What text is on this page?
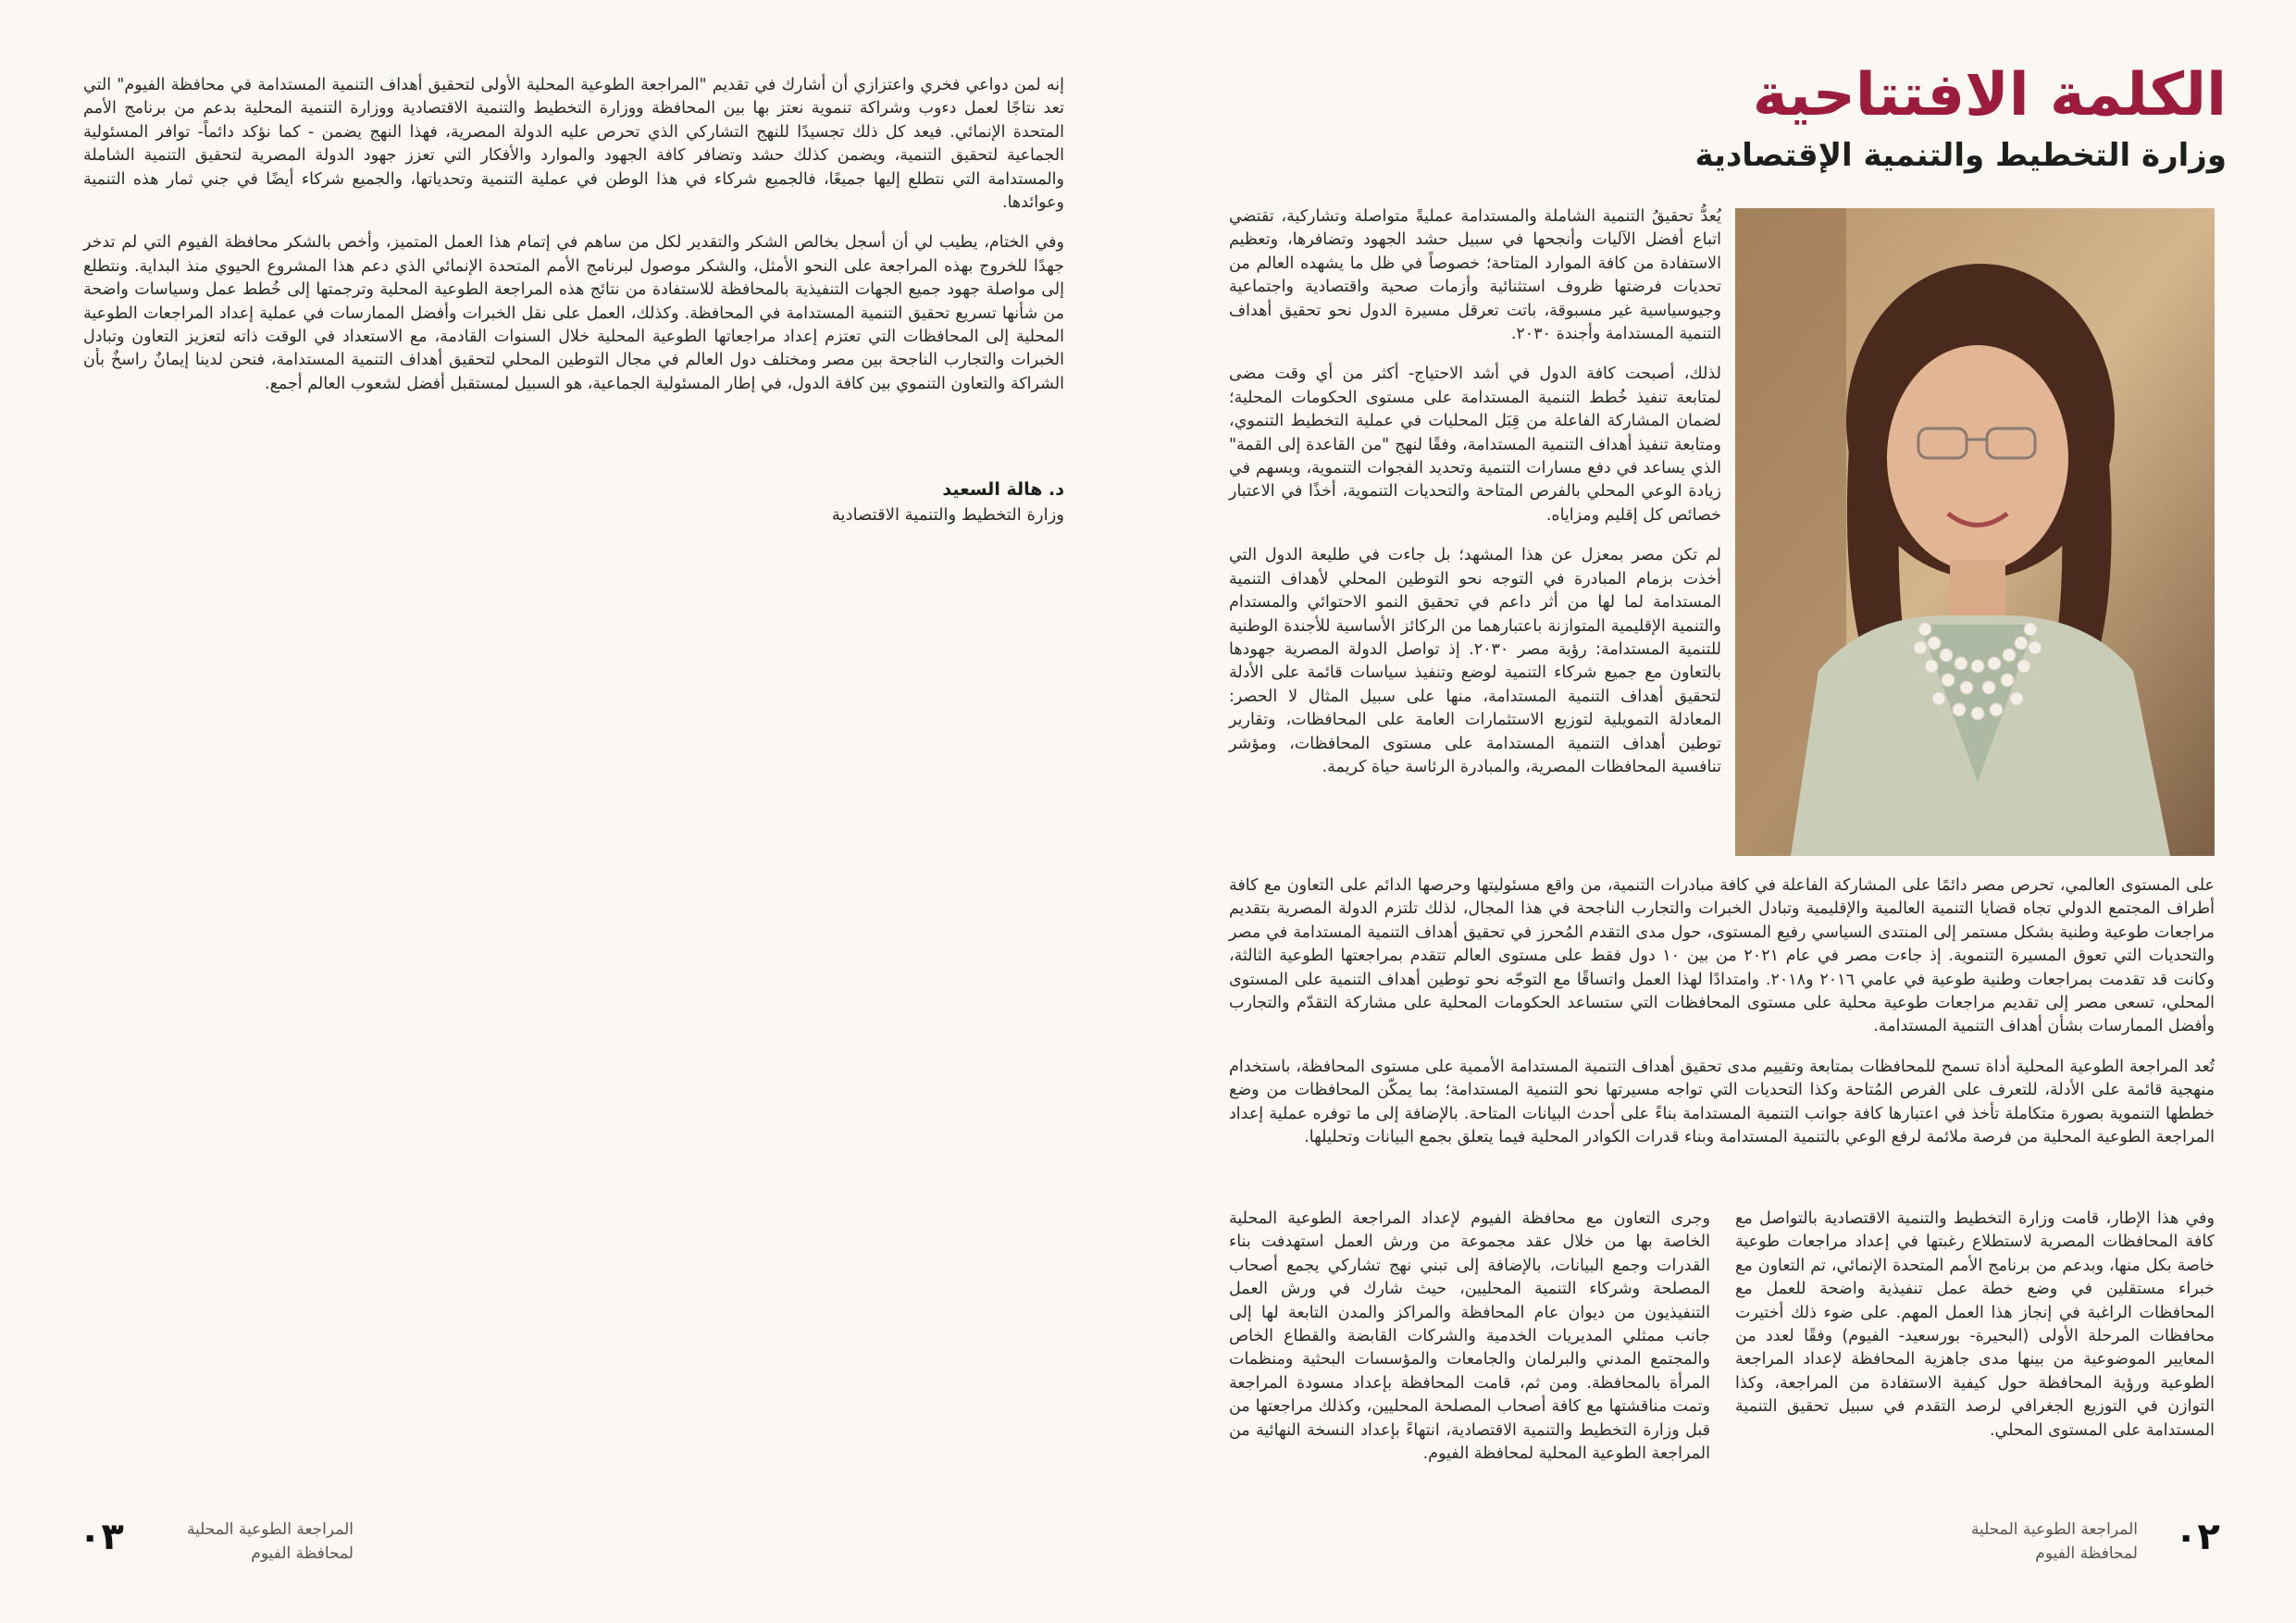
الكلمة الافتتاحية
وزارة التخطيط والتنمية الإقتصادية

يُعدُّ تحقيقُ التنمية الشاملة والمستدامة عمليةً متواصلة وتشاركية، تقتضي اتباع أفضل الآليات وأنجحها في سبيل حشد الجهود وتضافرها، وتعظيم الاستفادة من كافة الموارد المتاحة؛ خصوصاً في ظل ما يشهده العالم من تحديات فرضتها ظروف استثنائية وأزمات صحية واقتصادية واجتماعية وجيوسياسية غير مسبوقة، باتت تعرقل مسيرة الدول نحو تحقيق أهداف التنمية المستدامة وأجندة ٢٠٣٠.

لذلك، أصبحت كافة الدول في أشد الاحتياج- أكثر من أي وقت مضى لمتابعة تنفيذ خُطط التنمية المستدامة على مستوى الحكومات المحلية؛ لضمان المشاركة الفاعلة من قِبَل المحليات في عملية التخطيط التنموي، ومتابعة تنفيذ أهداف التنمية المستدامة، وفقًا لنهج "من القاعدة إلى القمة" الذي يساعد في دفع مسارات التنمية وتحديد الفجوات التنموية، ويسهم في زيادة الوعي المحلي بالفرص المتاحة والتحديات التنموية، أخذًا في الاعتبار خصائص كل إقليم ومزاياه.

لم تكن مصر بمعزل عن هذا المشهد؛ بل جاءت في طليعة الدول التي أخذت بزمام المبادرة في التوجه نحو التوطين المحلي لأهداف التنمية المستدامة لما لها من أثر داعم في تحقيق النمو الاحتوائي والمستدام والتنمية الإقليمية المتوازنة باعتبارهما من الركائز الأساسية للأجندة الوطنية للتنمية المستدامة: رؤية مصر ٢٠٣٠. إذ تواصل الدولة المصرية جهودها بالتعاون مع جميع شركاء التنمية لوضع وتنفيذ سياسات قائمة على الأدلة لتحقيق أهداف التنمية المستدامة، منها على سبيل المثال لا الحصر: المعادلة التمويلية لتوزيع الاستثمارات العامة على المحافظات، وتقارير توطين أهداف التنمية المستدامة على مستوى المحافظات، ومؤشر تنافسية المحافظات المصرية، والمبادرة الرئاسة حياة كريمة.

على المستوى العالمي، تحرص مصر دائمًا على المشاركة الفاعلة في كافة مبادرات التنمية، من واقع مسئوليتها وحرصها الدائم على التعاون مع كافة أطراف المجتمع الدولي تجاه قضايا التنمية العالمية والإقليمية وتبادل الخبرات والتجارب الناجحة في هذا المجال، لذلك تلتزم الدولة المصرية بتقديم مراجعات طوعية وطنية بشكل مستمر إلى المنتدى السياسي رفيع المستوى، حول مدى التقدم المُحرز في تحقيق أهداف التنمية المستدامة في مصر والتحديات التي تعوق المسيرة التنموية. إذ جاءت مصر في عام ٢٠٢١ من بين ١٠ دول فقط على مستوى العالم تتقدم بمراجعتها الطوعية الثالثة، وكانت قد تقدمت بمراجعات وطنية طوعية في عامي ٢٠١٦ و٢٠١٨. وامتدادًا لهذا العمل واتساقًا مع التوجّه نحو توطين أهداف التنمية على المستوى المحلي، تسعى مصر إلى تقديم مراجعات طوعية محلية على مستوى المحافظات التي ستساعد الحكومات المحلية على مشاركة التقدّم والتجارب وأفضل الممارسات بشأن أهداف التنمية المستدامة.

تُعد المراجعة الطوعية المحلية أداة تسمح للمحافظات بمتابعة وتقييم مدى تحقيق أهداف التنمية المستدامة الأممية على مستوى المحافظة، باستخدام منهجية قائمة على الأدلة، للتعرف على الفرص المُتاحة وكذا التحديات التي تواجه مسيرتها نحو التنمية المستدامة؛ بما يمكّن المحافظات من وضع خططها التنموية بصورة متكاملة تأخذ في اعتبارها كافة جوانب التنمية المستدامة بناءً على أحدث البيانات المتاحة. بالإضافة إلى ما توفره عملية إعداد المراجعة الطوعية المحلية من فرصة ملائمة لرفع الوعي بالتنمية المستدامة وبناء قدرات الكوادر المحلية فيما يتعلق بجمع البيانات وتحليلها.

وفي هذا الإطار، قامت وزارة التخطيط والتنمية الاقتصادية بالتواصل مع كافة المحافظات المصرية لاستطلاع رغبتها في إعداد مراجعات طوعية خاصة بكل منها، وبدعم من برنامج الأمم المتحدة الإنمائي، تم التعاون مع خبراء مستقلين في وضع خطة عمل تنفيذية واضحة للعمل مع المحافظات الراغبة في إنجاز هذا العمل المهم. على ضوء ذلك أختيرت محافظات المرحلة الأولى (البحيرة- بورسعيد- الفيوم) وفقًا لعدد من المعايير الموضوعية من بينها مدى جاهزية المحافظة لإعداد المراجعة الطوعية ورؤية المحافظة حول كيفية الاستفادة من المراجعة، وكذا التوازن في التوزيع الجغرافي لرصد التقدم في سبيل تحقيق التنمية المستدامة على المستوى المحلي.

وجرى التعاون مع محافظة الفيوم لإعداد المراجعة الطوعية المحلية الخاصة بها من خلال عقد مجموعة من ورش العمل استهدفت بناء القدرات وجمع البيانات، بالإضافة إلى تبني نهج تشاركي يجمع أصحاب المصلحة وشركاء التنمية المحليين، حيث شارك في ورش العمل التنفيذيون من ديوان عام المحافظة والمراكز والمدن التابعة لها إلى جانب ممثلي المديريات الخدمية والشركات القابضة والقطاع الخاص والمجتمع المدني والبرلمان والجامعات والمؤسسات البحثية ومنظمات المرأة بالمحافظة. ومن ثم، قامت المحافظة بإعداد مسودة المراجعة وتمت مناقشتها مع كافة أصحاب المصلحة المحليين، وكذلك مراجعتها من قبل وزارة التخطيط والتنمية الاقتصادية، انتهاءً بإعداد النسخة النهائية من المراجعة الطوعية المحلية لمحافظة الفيوم.

المراجعة الطوعية المحلية
لمحافظة الفيوم ٠٢

إنه لمن دواعي فخري واعتزازي أن أشارك في تقديم "المراجعة الطوعية المحلية الأولى لتحقيق أهداف التنمية المستدامة في محافظة الفيوم" التي تعد نتاجًا لعمل دءوب وشراكة تنموية نعتز بها بين المحافظة ووزارة التخطيط والتنمية الاقتصادية ووزارة التنمية المحلية بدعم من برنامج الأمم المتحدة الإنمائي. فيعد كل ذلك تجسيدًا للنهج التشاركي الذي تحرص عليه الدولة المصرية، فهذا النهج يضمن - كما نؤكد دائماً- توافر المسئولية الجماعية لتحقيق التنمية، ويضمن كذلك حشد وتضافر كافة الجهود والموارد والأفكار التي تعزز جهود الدولة المصرية لتحقيق التنمية الشاملة والمستدامة التي نتطلع إليها جميعًا، فالجميع شركاء في هذا الوطن في عملية التنمية وتحدياتها، والجميع شركاء أيضًا في جني ثمار هذه التنمية وعوائدها.

وفي الختام، يطيب لي أن أسجل بخالص الشكر والتقدير لكل من ساهم في إتمام هذا العمل المتميز، وأخص بالشكر محافظة الفيوم التي لم تدخر جهدًا للخروج بهذه المراجعة على النحو الأمثل، والشكر موصول لبرنامج الأمم المتحدة الإنمائي الذي دعم هذا المشروع الحيوي منذ البداية. ونتطلع إلى مواصلة جهود جميع الجهات التنفيذية بالمحافظة للاستفادة من نتائج هذه المراجعة الطوعية المحلية وترجمتها إلى خُطط عمل وسياسات واضحة من شأنها تسريع تحقيق التنمية المستدامة في المحافظة. وكذلك، العمل على نقل الخبرات وأفضل الممارسات في عملية إعداد المراجعات الطوعية المحلية إلى المحافظات التي تعتزم إعداد مراجعاتها الطوعية المحلية خلال السنوات القادمة، مع الاستعداد في الوقت ذاته لتعزيز التعاون وتبادل الخبرات والتجارب الناجحة بين مصر ومختلف دول العالم في مجال التوطين المحلي لتحقيق أهداف التنمية المستدامة، فنحن لدينا إيمانٌ راسخٌ بأن الشراكة والتعاون التنموي بين كافة الدول، في إطار المسئولية الجماعية، هو السبيل لمستقبل أفضل لشعوب العالم أجمع.

د. هالة السعيد
وزارة التخطيط والتنمية الاقتصادية
المراجعة الطوعية المحلية
لمحافظة الفيوم
٠٣
